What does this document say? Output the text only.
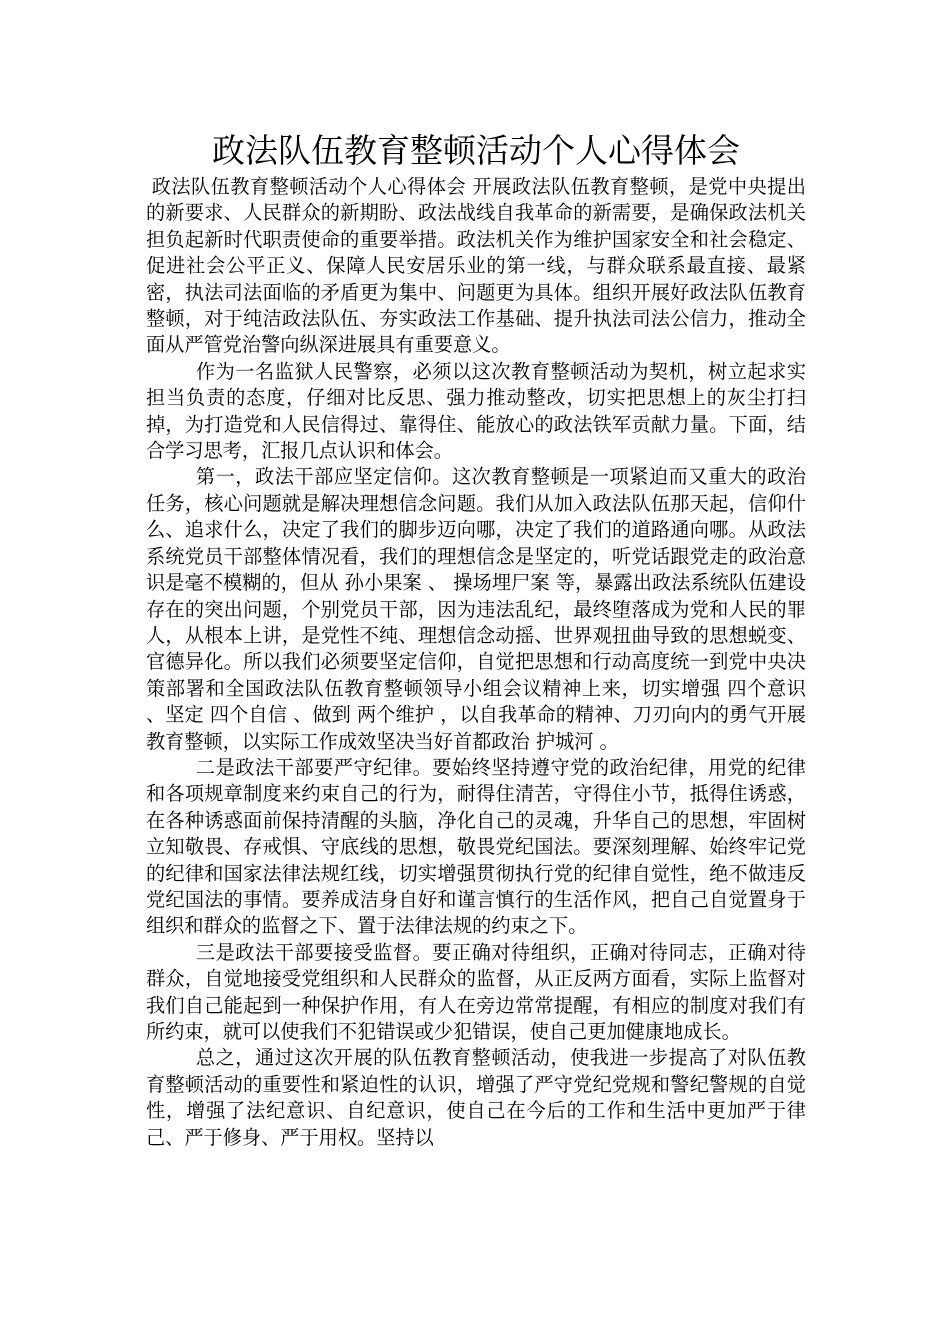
政法队伍教育整顿活动个人心得体会

政法队伍教育整顿活动个人心得体会 开展政法队伍教育整顿，是党中央提出的新要求、人民群众的新期盼、政法战线自我革命的新需要，是确保政法机关担负起新时代职责使命的重要举措。政法机关作为维护国家安全和社会稳定、促进社会公平正义、保障人民安居乐业的第一线，与群众联系最直接、最紧密，执法司法面临的矛盾更为集中、问题更为具体。组织开展好政法队伍教育整顿，对于纯洁政法队伍、夯实政法工作基础、提升执法司法公信力，推动全面从严管党治警向纵深进展具有重要意义。

作为一名监狱人民警察，必须以这次教育整顿活动为契机，树立起求实担当负责的态度，仔细对比反思、强力推动整改，切实把思想上的灰尘打扫掉，为打造党和人民信得过、靠得住、能放心的政法铁军贡献力量。下面，结合学习思考，汇报几点认识和体会。

第一，政法干部应坚定信仰。这次教育整顿是一项紧迫而又重大的政治任务，核心问题就是解决理想信念问题。我们从加入政法队伍那天起，信仰什么、追求什么，决定了我们的脚步迈向哪，决定了我们的道路通向哪。从政法系统党员干部整体情况看，我们的理想信念是坚定的，听党话跟党走的政治意识是毫不模糊的，但从 孙小果案 、 操场埋尸案 等，暴露出政法系统队伍建设存在的突出问题，个别党员干部，因为违法乱纪，最终堕落成为党和人民的罪人，从根本上讲，是党性不纯、理想信念动摇、世界观扭曲导致的思想蜕变、官德异化。所以我们必须要坚定信仰，自觉把思想和行动高度统一到党中央决策部署和全国政法队伍教育整顿领导小组会议精神上来，切实增强 四个意识 、坚定 四个自信 、做到 两个维护 ，以自我革命的精神、刀刃向内的勇气开展教育整顿，以实际工作成效坚决当好首都政治 护城河 。

二是政法干部要严守纪律。要始终坚持遵守党的政治纪律，用党的纪律和各项规章制度来约束自己的行为，耐得住清苦，守得住小节，抵得住诱惑，在各种诱惑面前保持清醒的头脑，净化自己的灵魂，升华自己的思想，牢固树立知敬畏、存戒惧、守底线的思想，敬畏党纪国法。要深刻理解、始终牢记党的纪律和国家法律法规红线，切实增强贯彻执行党的纪律自觉性，绝不做违反党纪国法的事情。要养成洁身自好和谨言慎行的生活作风，把自己自觉置身于组织和群众的监督之下、置于法律法规的约束之下。

三是政法干部要接受监督。要正确对待组织，正确对待同志，正确对待群众，自觉地接受党组织和人民群众的监督，从正反两方面看，实际上监督对我们自己能起到一种保护作用，有人在旁边常常提醒，有相应的制度对我们有所约束，就可以使我们不犯错误或少犯错误，使自己更加健康地成长。

总之，通过这次开展的队伍教育整顿活动，使我进一步提高了对队伍教育整顿活动的重要性和紧迫性的认识，增强了严守党纪党规和警纪警规的自觉性，增强了法纪意识、自纪意识，使自己在今后的工作和生活中更加严于律己、严于修身、严于用权。坚持以
